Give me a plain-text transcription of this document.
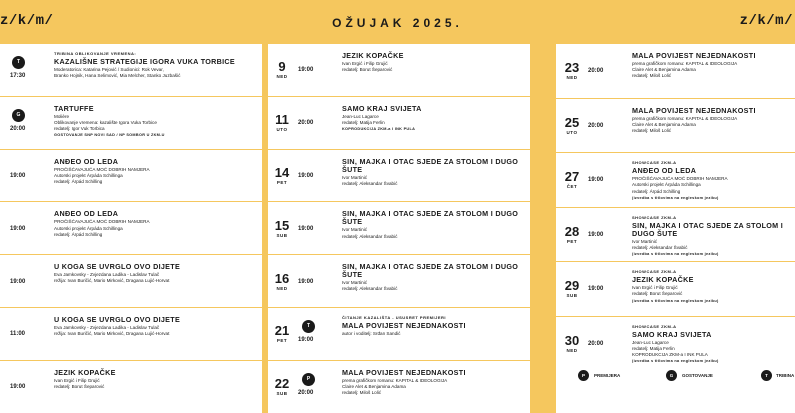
z/k/m/	OŽUJAK 2025.	z/k/m/
T
17:30
TRIBINA OBLIKOVANJE VREMENA:
KAZALIŠNE STRATEGIJE IGORA VUKA TORBICE
Moderatorica: Katarina Pejović / Sudionici: Rok Vevar,
Branko Hojnik, Hana Selimović, Mia Melcher, Stanko Juzbašić
G
20:00
TARTUFFE
Molière
Oblikovanje vremena: kazalište Igora Vuka Torbice
redatelj: Igor Vuk Torbica
GOSTOVANJE SNP NOVI SAD / NP SOMBOR U ZKM-U
19:00
ANĐEO OD LEDA
PROČIŠĆAVAJUĆA MOĆ DOBRIH NAMJERA
Autorski projekt Árpáda Schillinga
redatelj: Árpád Schilling
19:00
ANĐEO OD LEDA
PROČIŠĆAVAJUĆA MOĆ DOBRIH NAMJERA
Autorski projekt Árpáda Schillinga
redatelj: Árpád Schilling
19:00
U KOGA SE UVRGLO OVO DIJETE
Eva Jamkovsky - Zvjezdana Ladika - Ladislav Tulač
režija: Ivan Buričić, Mario Mirković, Dragana Lujić-Horvat
11:00
U KOGA SE UVRGLO OVO DIJETE
Eva Jamkovsky - Zvjezdana Ladika - Ladislav Tulač
režija: Ivan Buričić, Mario Mirković, Dragana Lujić-Horvat
19:00
JEZIK KOPAČKE
Ivan Ergić i Filip Grujić
redatelj: Borut Šeparović
9
NED
19:00
JEZIK KOPAČKE
Ivan Ergić i Filip Grujić
redatelj: Borut Šeparović
11
UTO
20:00
SAMO KRAJ SVIJETA
Jean-Luc Lagarce
redatelj: Matija Ferlin
KOPRODUKCIJA ZKM-a I INK PULA
14
PET
19:00
SIN, MAJKA I OTAC SJEDE ZA STOLOM I DUGO ŠUTE
Ivor Martinić
redatelj: Aleksandar Švabić
15
SUB
19:00
SIN, MAJKA I OTAC SJEDE ZA STOLOM I DUGO ŠUTE
Ivor Martinić
redatelj: Aleksandar Švabić
16
NED
19:00
SIN, MAJKA I OTAC SJEDE ZA STOLOM I DUGO ŠUTE
Ivor Martinić
redatelj: Aleksandar Švabić
21
PET
T
19:00
ČITANJE KAZALIŠTA - USUSRET PREMIJERI
MALA POVIJEST NEJEDNAKOSTI
autor i voditelj: Srđan Sandić
22
SUB
P
20:00
MALA POVIJEST NEJEDNAKOSTI
prema grafičkom romanu: KAPITAL & IDEOLOGIJA
Claire Alet & Benjamina Adama
redatelj: Miloš Lolić
23
NED
20:00
MALA POVIJEST NEJEDNAKOSTI
prema grafičkom romanu: KAPITAL & IDEOLOGIJA
Claire Alet & Benjamina Adama
redatelj: Miloš Lolić
25
UTO
20:00
MALA POVIJEST NEJEDNAKOSTI
prema grafičkom romanu: KAPITAL & IDEOLOGIJA
Claire Alet & Benjamina Adama
redatelj: Miloš Lolić
27
ČET
19:00
SHOWCASE ZKM-A
ANĐEO OD LEDA
PROČIŠĆAVAJUĆA MOĆ DOBRIH NAMJERA
Autorski projekt Árpáda Schillinga
redatelj: Árpád Schilling
(izvedba s titlovima na engleskom jeziku)
28
PET
19:00
SHOWCASE ZKM-A
SIN, MAJKA I OTAC SJEDE ZA STOLOM I DUGO ŠUTE
Ivor Martinić
redatelj: Aleksandar Švabić
(izvedba s titlovima na engleskom jeziku)
29
SUB
19:00
SHOWCASE ZKM-A
JEZIK KOPAČKE
Ivan Ergić i Filip Grujić
redatelj: Borut Šeparović
(izvedba s titlovima na engleskom jeziku)
30
NED
20:00
SHOWCASE ZKM-A
SAMO KRAJ SVIJETA
Jean-Luc Lagarce
redatelj: Matija Ferlin
KOPRODUKCIJA ZKM-a I INK PULA
(izvedba s titlovima na engleskom jeziku)
P	PREMIJERA	G	GOSTOVANJE	T	TRIBINA
